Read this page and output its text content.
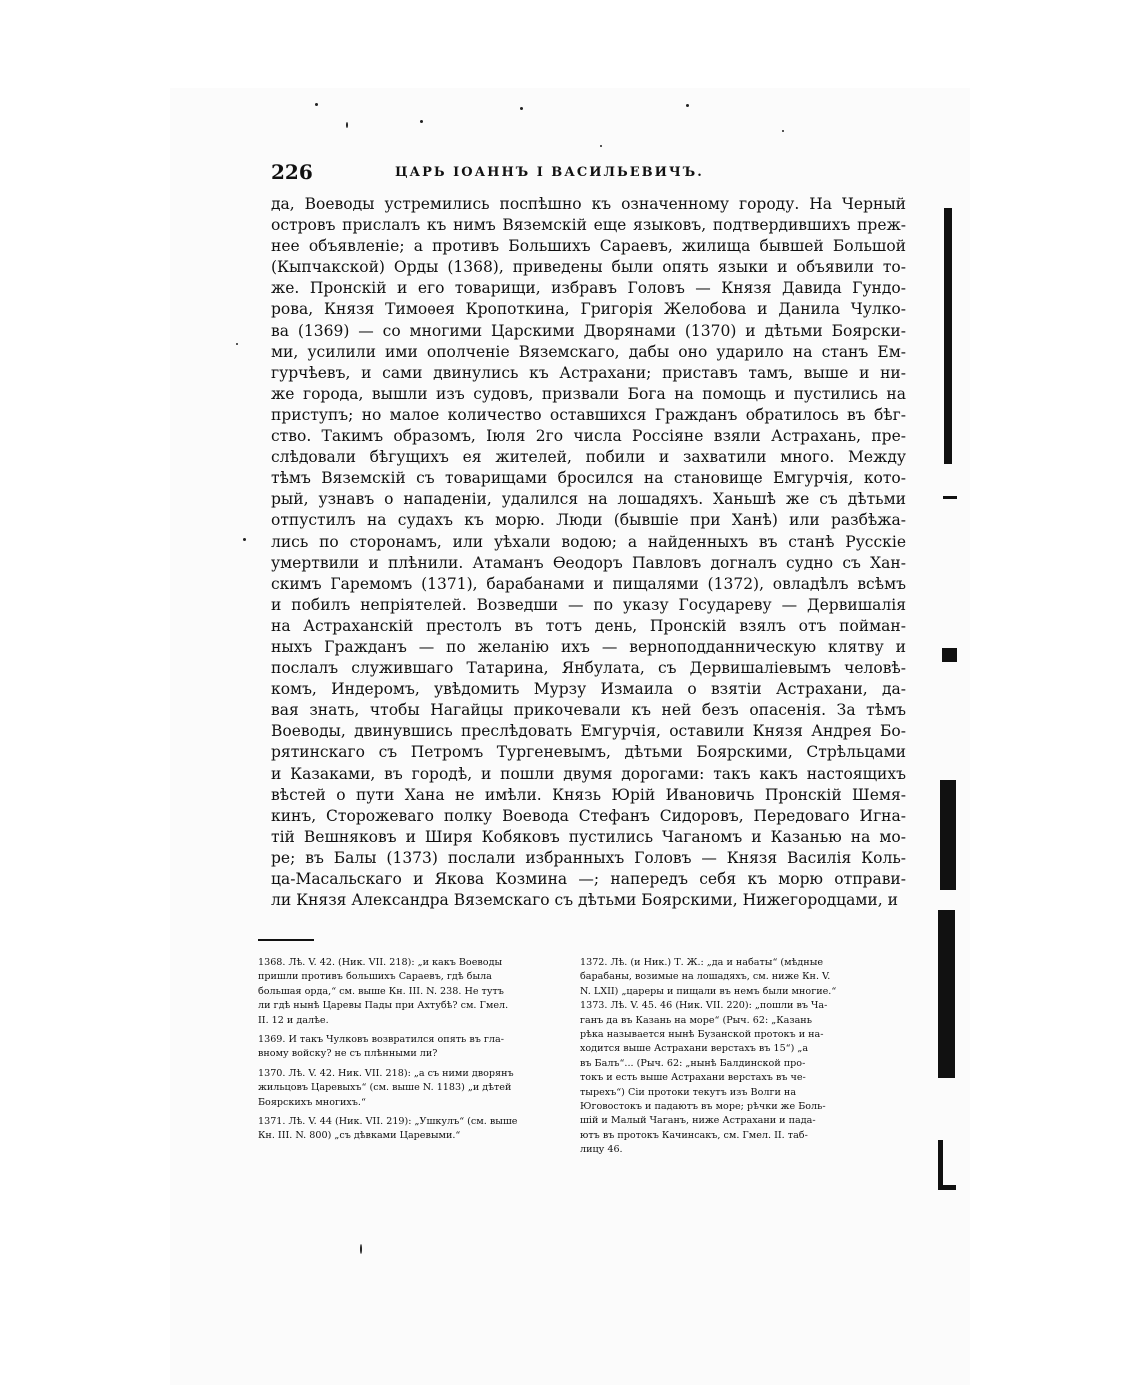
226	ЦАРЬ ІОАННЪ І ВАСИЛЬЕВИЧЪ.
да, Воеводы устремились поспѣшно къ означенному городу. На Черный
островъ прислалъ къ нимъ Вяземскій еще языковъ, подтвердившихъ преж-
нее объявленіе; а противъ Большихъ Сараевъ, жилища бывшей Большой
(Кыпчакской) Орды (1368), приведены были опять языки и объявили то-
же. Пронскій и его товарищи, избравъ Головъ — Князя Давида Гундо-
рова, Князя Тимоѳея Кропоткина, Григорія Желобова и Данила Чулко-
ва (1369) — со многими Царскими Дворянами (1370) и дѣтьми Боярски-
ми, усилили ими ополченіе Вяземскаго, дабы оно ударило на станъ Ем-
гурчѣевъ, и сами двинулись къ Астрахани; приставъ тамъ, выше и ни-
же города, вышли изъ судовъ, призвали Бога на помощь и пустились на
приступъ; но малое количество оставшихся Гражданъ обратилось въ бѣг-
ство. Такимъ образомъ, Іюля 2го числа Россіяне взяли Астрахань, пре-
слѣдовали бѣгущихъ ея жителей, побили и захватили много. Между
тѣмъ Вяземскій съ товарищами бросился на становище Емгурчія, кото-
рый, узнавъ о нападеніи, удалился на лошадяхъ. Ханьшѣ же съ дѣтьми
отпустилъ на судахъ къ морю. Люди (бывшіе при Ханѣ) или разбѣжа-
лись по сторонамъ, или уѣхали водою; а найденныхъ въ станѣ Русскіе
умертвили и плѣнили. Атаманъ Ѳеодоръ Павловъ догналъ судно съ Хан-
скимъ Гаремомъ (1371), барабанами и пищалями (1372), овладѣлъ всѣмъ
и побилъ непріятелей. Возведши — по указу Государеву — Дервишалія
на Астраханскій престолъ въ тотъ день, Пронскій взялъ отъ пойман-
ныхъ Гражданъ — по желанію ихъ — верноподданническую клятву и
послалъ служившаго Татарина, Янбулата, съ Дервишаліевымъ человѣ-
комъ, Индеромъ, увѣдомить Мурзу Измаила о взятіи Астрахани, да-
вая знать, чтобы Нагайцы прикочевали къ ней безъ опасенія. За тѣмъ
Воеводы, двинувшись преслѣдовать Емгурчія, оставили Князя Андрея Бо-
рятинскаго съ Петромъ Тургеневымъ, дѣтьми Боярскими, Стрѣльцами
и Казаками, въ городѣ, и пошли двумя дорогами: такъ какъ настоящихъ
вѣстей о пути Хана не имѣли. Князь Юрій Ивановичь Пронскій Шемя-
кинъ, Сторожеваго полку Воевода Стефанъ Сидоровъ, Передоваго Игна-
тій Вешняковъ и Ширя Кобяковъ пустились Чаганомъ и Казанью на мо-
ре; въ Балы (1373) послали избранныхъ Головъ — Князя Василія Коль-
ца-Масальскаго и Якова Козмина —; напередъ себя къ морю отправи-
ли Князя Александра Вяземскаго съ дѣтьми Боярскими, Нижегородцами, и
1368. Лѣ. V. 42. (Ник. VII. 218): „и какъ Воеводы
пришли противъ большихъ Сараевъ, гдѣ была
большая орда,“ см. выше Кн. III. N. 238. Не тутъ
ли гдѣ нынѣ Царевы Пады при Ахтубѣ? см. Гмел.
II. 12 и далѣе.
1369. И такъ Чулковъ возвратился опять въ гла-
вному войску? не съ плѣнными ли?
1370. Лѣ. V. 42. Ник. VII. 218): „а съ ними дворянъ
жильцовъ Царевыхъ“ (см. выше N. 1183) „и дѣтей
Боярскихъ многихъ.“
1371. Лѣ. V. 44 (Ник. VII. 219): „Ушкулъ“ (см. выше
Кн. III. N. 800) „съ дѣвками Царевыми.“
1372. Лѣ. (и Ник.) Т. Ж.: „да и набаты“ (мѣдные
барабаны, возимые на лошадяхъ, см. ниже Кн. V.
N. LXII) „цареры и пищали въ немъ были многие.“
1373. Лѣ. V. 45. 46 (Ник. VII. 220): „пошли въ Ча-
ганъ да въ Казань на море“ (Рыч. 62: „Казань
рѣка называется нынѣ Бузанской протокъ и на-
ходится выше Астрахани верстахъ въ 15“) „а
въ Балъ“... (Рыч. 62: „нынѣ Балдинской про-
токъ и есть выше Астрахани верстахъ въ че-
тырехъ“) Сіи протоки текутъ изъ Волги на
Юговостокъ и падаютъ въ море; рѣчки же Боль-
шій и Малый Чаганъ, ниже Астрахани и пада-
ютъ въ протокъ Качинсакъ, см. Гмел. II. таб-
лицу 46.
